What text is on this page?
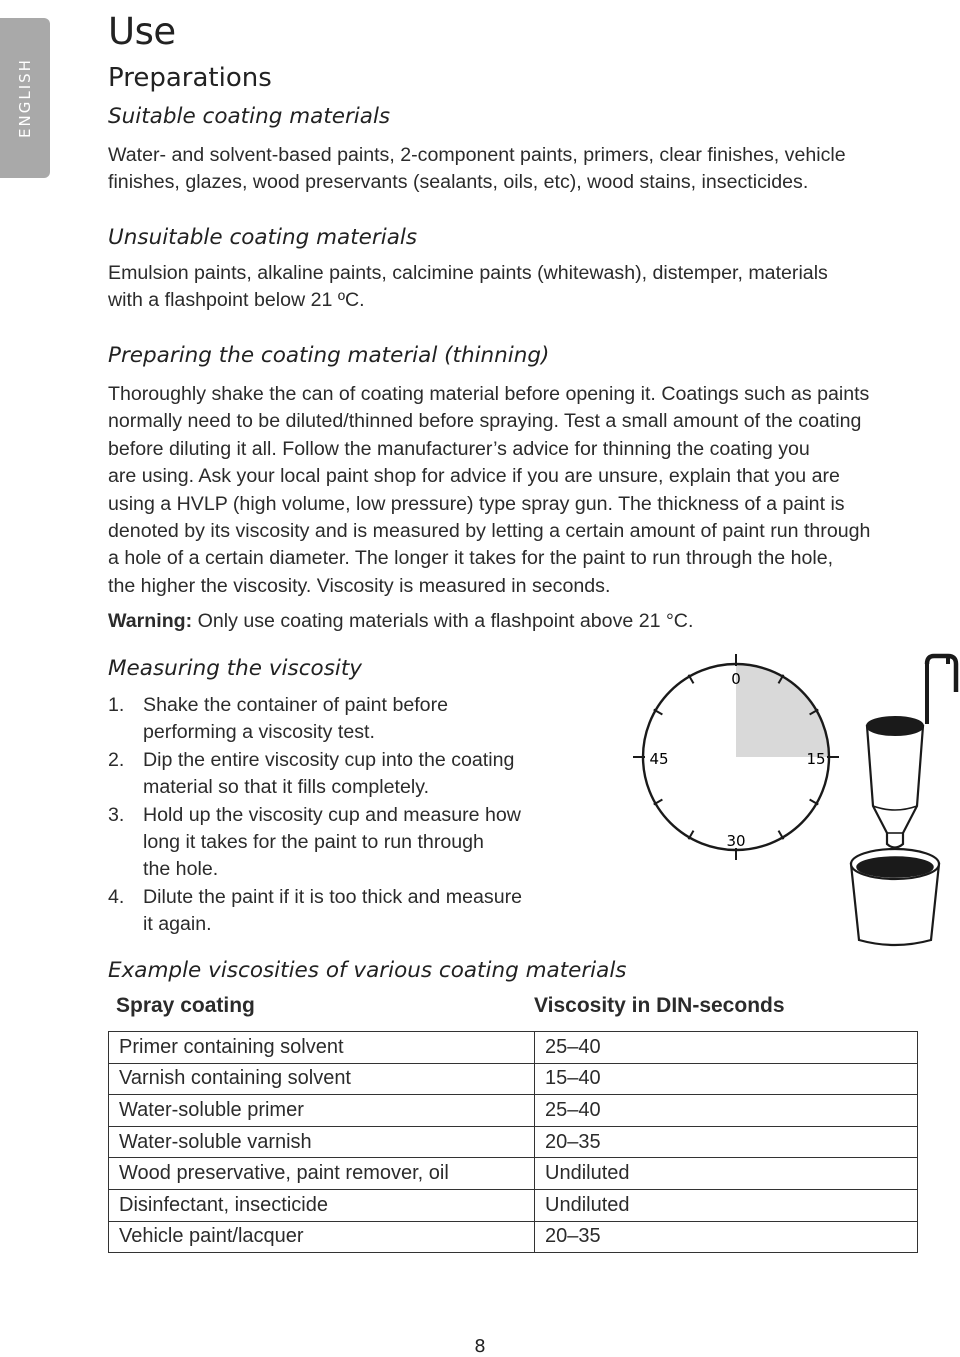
ENGLISH
Use
Preparations
Suitable coating materials

Water- and solvent-based paints, 2-component paints, primers, clear finishes, vehicle
finishes, glazes, wood preservants (sealants, oils, etc), wood stains, insecticides.

Unsuitable coating materials

Emulsion paints, alkaline paints, calcimine paints (whitewash), distemper, materials
with a flashpoint below 21 ºC.

Preparing the coating material (thinning)

Thoroughly shake the can of coating material before opening it. Coatings such as paints
normally need to be diluted/thinned before spraying. Test a small amount of the coating
before diluting it all. Follow the manufacturer’s advice for thinning the coating you
are using. Ask your local paint shop for advice if you are unsure, explain that you are
using a HVLP (high volume, low pressure) type spray gun. The thickness of a paint is
denoted by its viscosity and is measured by letting a certain amount of paint run through
a hole of a certain diameter. The longer it takes for the paint to run through the hole,
the higher the viscosity. Viscosity is measured in seconds.

Warning: Only use coating materials with a flashpoint above 21 °C.

Measuring the viscosity
1. Shake the container of paint before
performing a viscosity test.
2. Dip the entire viscosity cup into the coating
material so that it fills completely.
3. Hold up the viscosity cup and measure how
long it takes for the paint to run through
the hole.
4. Dilute the paint if it is too thick and measure
it again.
Example viscosities of various coating materials
Spray coating	Viscosity in DIN-seconds
Primer containing solvent	25–40
Varnish containing solvent	15–40
Water-soluble primer	25–40
Water-soluble varnish	20–35
Wood preservative, paint remover, oil	Undiluted
Disinfectant, insecticide	Undiluted
Vehicle paint/lacquer	20–35
0
15
30
45
8
